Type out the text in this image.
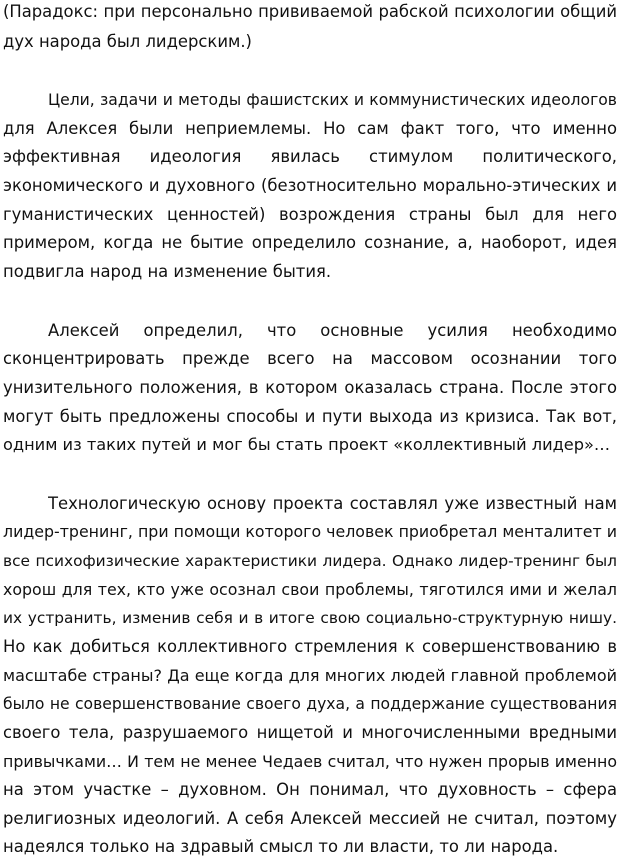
(Парадокс: при персонально прививаемой рабской психологии общий
дух народа был лидерским.)
Цели, задачи и методы фашистских и коммунистических идеологов
для Алексея были неприемлемы. Но сам факт того, что именно
эффективная идеология явилась стимулом политического,
экономического и духовного (безотносительно морально-этических и
гуманистических ценностей) возрождения страны был для него
примером, когда не бытие определило сознание, а, наоборот, идея
подвигла народ на изменение бытия.
Алексей определил, что основные усилия необходимо
сконцентрировать прежде всего на массовом осознании того
унизительного положения, в котором оказалась страна. После этого
могут быть предложены способы и пути выхода из кризиса. Так вот,
одним из таких путей и мог бы стать проект «коллективный лидер»…
Технологическую основу проекта составлял уже известный нам
лидер-тренинг, при помощи которого человек приобретал менталитет и
все психофизические характеристики лидера. Однако лидер-тренинг был
хорош для тех, кто уже осознал свои проблемы, тяготился ими и желал
их устранить, изменив себя и в итоге свою социально-структурную нишу.
Но как добиться коллективного стремления к совершенствованию в
масштабе страны? Да еще когда для многих людей главной проблемой
было не совершенствование своего духа, а поддержание существования
своего тела, разрушаемого нищетой и многочисленными вредными
привычками… И тем не менее Чедаев считал, что нужен прорыв именно
на этом участке – духовном. Он понимал, что духовность – сфера
религиозных идеологий. А себя Алексей мессией не считал, поэтому
надеялся только на здравый смысл то ли власти, то ли народа.
